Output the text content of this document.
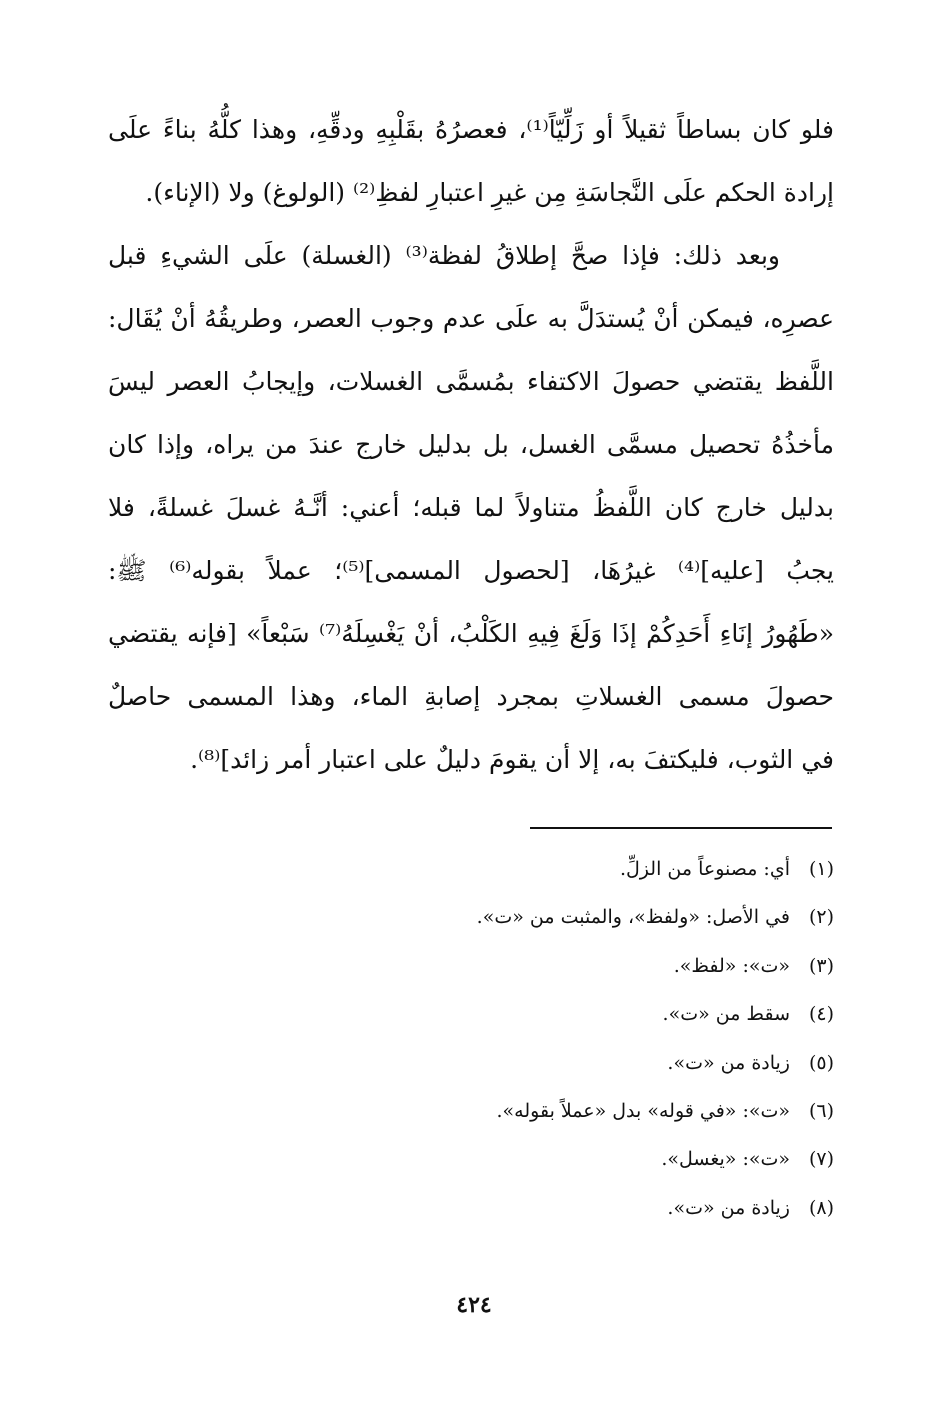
فلو كان بساطاً ثقيلاً أو زَلِّيّاً⁽¹⁾، فعصرُهُ بقَلْبِهِ ودقِّهِ، وهذا كلُّهُ بناءً علَى
إرادة الحكم علَى النَّجاسَةِ مِن غيرِ اعتبارِ لفظِ⁽²⁾ (الولوغ) ولا (الإناء).
وبعد ذلك: فإذا صحَّ إطلاقُ لفظة⁽³⁾ (الغسلة) علَى الشيءِ قبل
عصرِه، فيمكن أنْ يُستدَلَّ به علَى عدم وجوب العصر، وطريقُهُ أنْ يُقَال:
اللَّفظ يقتضي حصولَ الاكتفاء بمُسمَّى الغسلات، وإيجابُ العصر ليسَ
مأخذُهُ تحصيل مسمَّى الغسل، بل بدليل خارج عندَ من يراه، وإذا كان
بدليل خارج كان اللَّفظُ متناولاً لما قبله؛ أعني: أنَّـهُ غسلَ غسلةً، فلا
يجبُ [عليه]⁽⁴⁾ غيرُهَا، [لحصول المسمى]⁽⁵⁾؛ عملاً بقوله⁽⁶⁾ ﷺ:
«طَهُورُ إنَاءِ أَحَدِكُمْ إذَا وَلَغَ فِيهِ الكَلْبُ، أنْ يَغْسِلَهُ⁽⁷⁾ سَبْعاً» [فإنه يقتضي
حصولَ مسمى الغسلاتِ بمجرد إصابةِ الماء، وهذا المسمى حاصلٌ
في الثوب، فليكتفَ به، إلا أن يقومَ دليلٌ على اعتبار أمر زائد]⁽⁸⁾.
(١)أي: مصنوعاً من الزلِّ.
(٢)في الأصل: «ولفظ»، والمثبت من «ت».
(٣)«ت»: «لفظ».
(٤)سقط من «ت».
(٥)زيادة من «ت».
(٦)«ت»: «في قوله» بدل «عملاً بقوله».
(٧)«ت»: «يغسل».
(٨)زيادة من «ت».
٤٢٤
